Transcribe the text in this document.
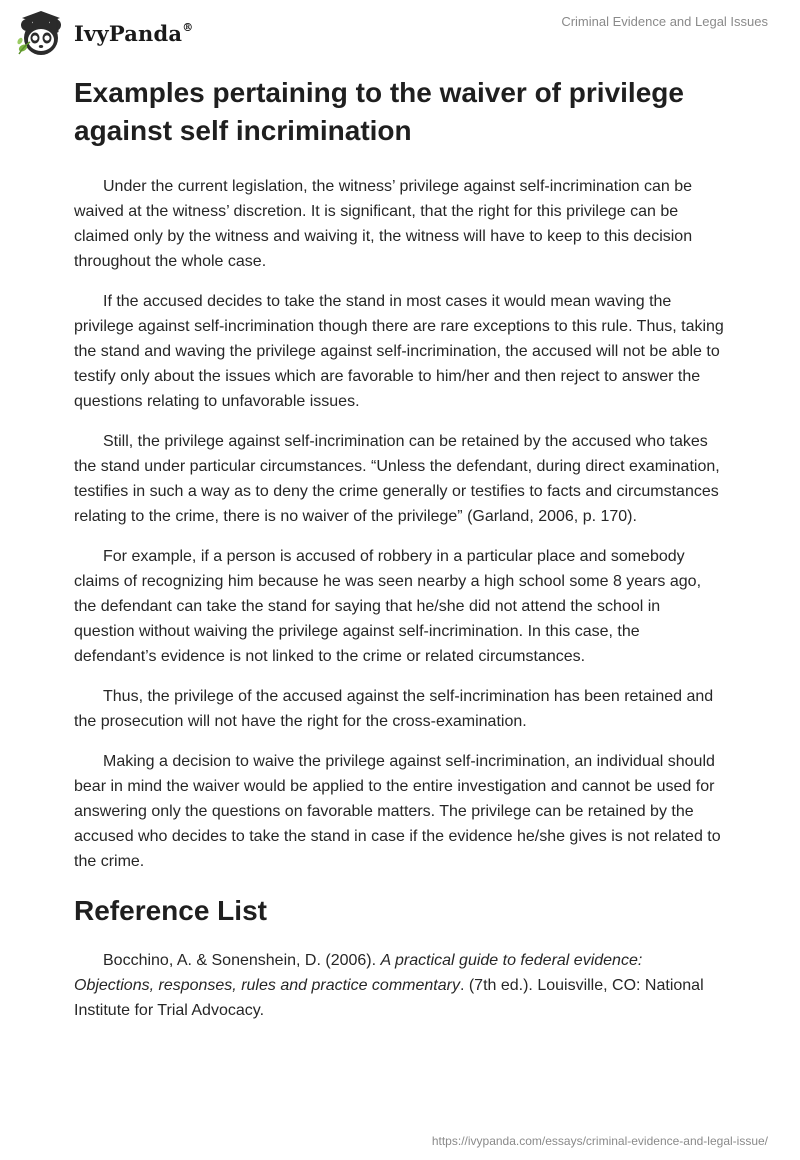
IvyPanda®	Criminal Evidence and Legal Issues
Examples pertaining to the waiver of privilege against self incrimination

Under the current legislation, the witness’ privilege against self-incrimination can be waived at the witness’ discretion. It is significant, that the right for this privilege can be claimed only by the witness and waiving it, the witness will have to keep to this decision throughout the whole case.

If the accused decides to take the stand in most cases it would mean waving the privilege against self-incrimination though there are rare exceptions to this rule. Thus, taking the stand and waving the privilege against self-incrimination, the accused will not be able to testify only about the issues which are favorable to him/her and then reject to answer the questions relating to unfavorable issues.

Still, the privilege against self-incrimination can be retained by the accused who takes the stand under particular circumstances. “Unless the defendant, during direct examination, testifies in such a way as to deny the crime generally or testifies to facts and circumstances relating to the crime, there is no waiver of the privilege” (Garland, 2006, p. 170).

For example, if a person is accused of robbery in a particular place and somebody claims of recognizing him because he was seen nearby a high school some 8 years ago, the defendant can take the stand for saying that he/she did not attend the school in question without waiving the privilege against self-incrimination. In this case, the defendant’s evidence is not linked to the crime or related circumstances.

Thus, the privilege of the accused against the self-incrimination has been retained and the prosecution will not have the right for the cross-examination.

Making a decision to waive the privilege against self-incrimination, an individual should bear in mind the waiver would be applied to the entire investigation and cannot be used for answering only the questions on favorable matters. The privilege can be retained by the accused who decides to take the stand in case if the evidence he/she gives is not related to the crime.

Reference List

Bocchino, A. & Sonenshein, D. (2006). A practical guide to federal evidence: Objections, responses, rules and practice commentary. (7th ed.). Louisville, CO: National Institute for Trial Advocacy.

https://ivypanda.com/essays/criminal-evidence-and-legal-issue/
